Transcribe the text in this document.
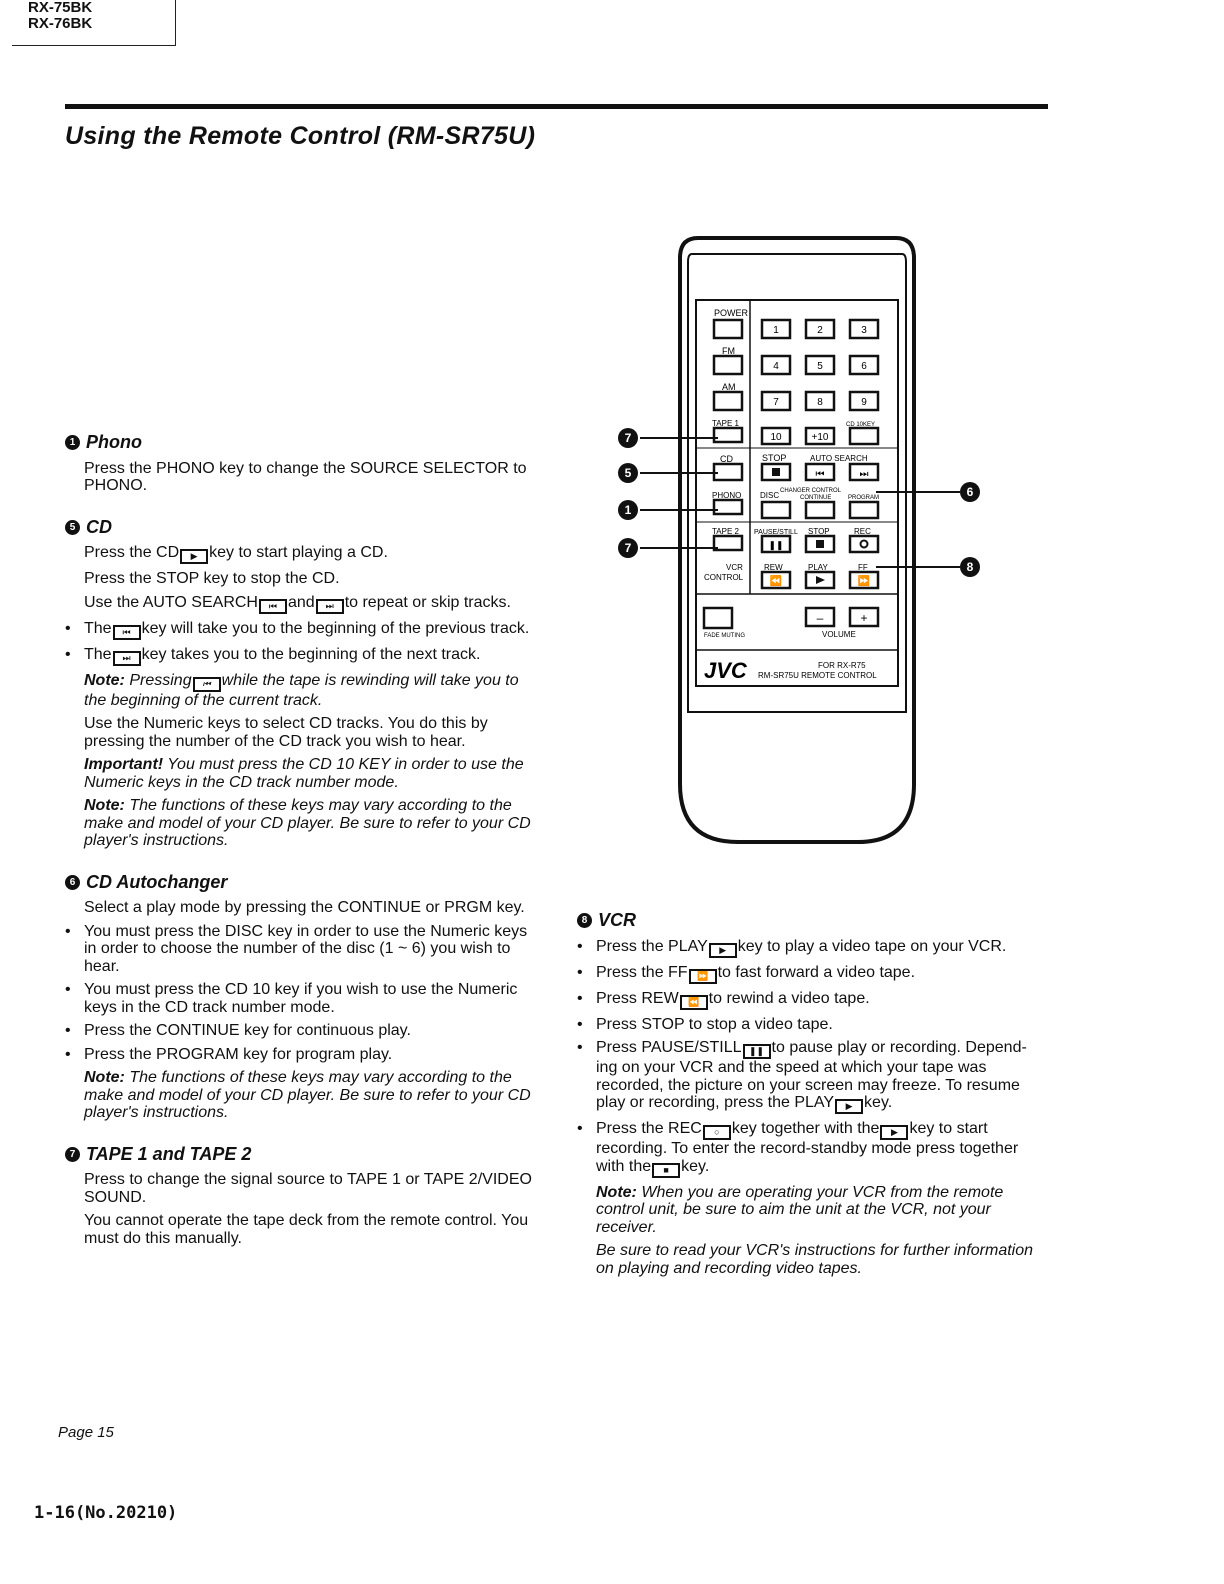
RX-75BK
RX-76BK
Using the Remote Control (RM-SR75U)
1 Phono
Press the PHONO key to change the SOURCE SELECTOR to PHONO.
5 CD
Press the CD ▶ key to start playing a CD.
Press the STOP key to stop the CD.
Use the AUTO SEARCH ⏮ and ⏭ to repeat or skip tracks.
• The ⏮ key will take you to the beginning of the previous track.
• The ⏭ key takes you to the beginning of the next track.
Note: Pressing ⏮ while the tape is rewinding will take you to the beginning of the current track.
Use the Numeric keys to select CD tracks. You do this by pressing the number of the CD track you wish to hear.
Important! You must press the CD 10 KEY in order to use the Numeric keys in the CD track number mode.
Note: The functions of these keys may vary according to the make and model of your CD player. Be sure to refer to your CD player's instructions.
6 CD Autochanger
Select a play mode by pressing the CONTINUE or PRGM key.
• You must press the DISC key in order to use the Numeric keys in order to choose the number of the disc (1 ~ 6) you wish to hear.
• You must press the CD 10 key if you wish to use the Numeric keys in the CD track number mode.
• Press the CONTINUE key for continuous play.
• Press the PROGRAM key for program play.
Note: The functions of these keys may vary according to the make and model of your CD player. Be sure to refer to your CD player's instructions.
7 TAPE 1 and TAPE 2
Press to change the signal source to TAPE 1 or TAPE 2/VIDEO SOUND.
You cannot operate the tape deck from the remote control. You must do this manually.
8 VCR
• Press the PLAY ▶ key to play a video tape on your VCR.
• Press the FF ⏩ to fast forward a video tape.
• Press REW ⏪ to rewind a video tape.
• Press STOP to stop a video tape.
• Press PAUSE/STILL ❚❚ to pause play or recording. Depend-ing on your VCR and the speed at which your tape was recorded, the picture on your screen may freeze. To resume play or recording, press the PLAY ▶ key.
• Press the REC ○ key together with the ▶ key to start recording. To enter the record-standby mode press together with the ■ key.
Note: When you are operating your VCR from the remote control unit, be sure to aim the unit at the VCR, not your receiver.
Be sure to read your VCR's instructions for further information on playing and recording video tapes.
POWER
FM
AM
TAPE 1
CD
PHONO
TAPE 2
VCR
CONTROL
STOP	AUTO SEARCH
CHANGER CONTROL
DISC	CONTINUE	PROGRAM
PAUSE/STILL STOP	REC
REW	PLAY	FF
FADE MUTING	VOLUME
CD 10KEY
1	2	3
4	5	6
7	8	9
10	+10
⏮	⏭
❚❚
⏪	⏩
–	+
JVC	FOR RX-R75
RM-SR75U REMOTE CONTROL
7
5
1
7
6
8
Page 15
1-16(No.20210)
